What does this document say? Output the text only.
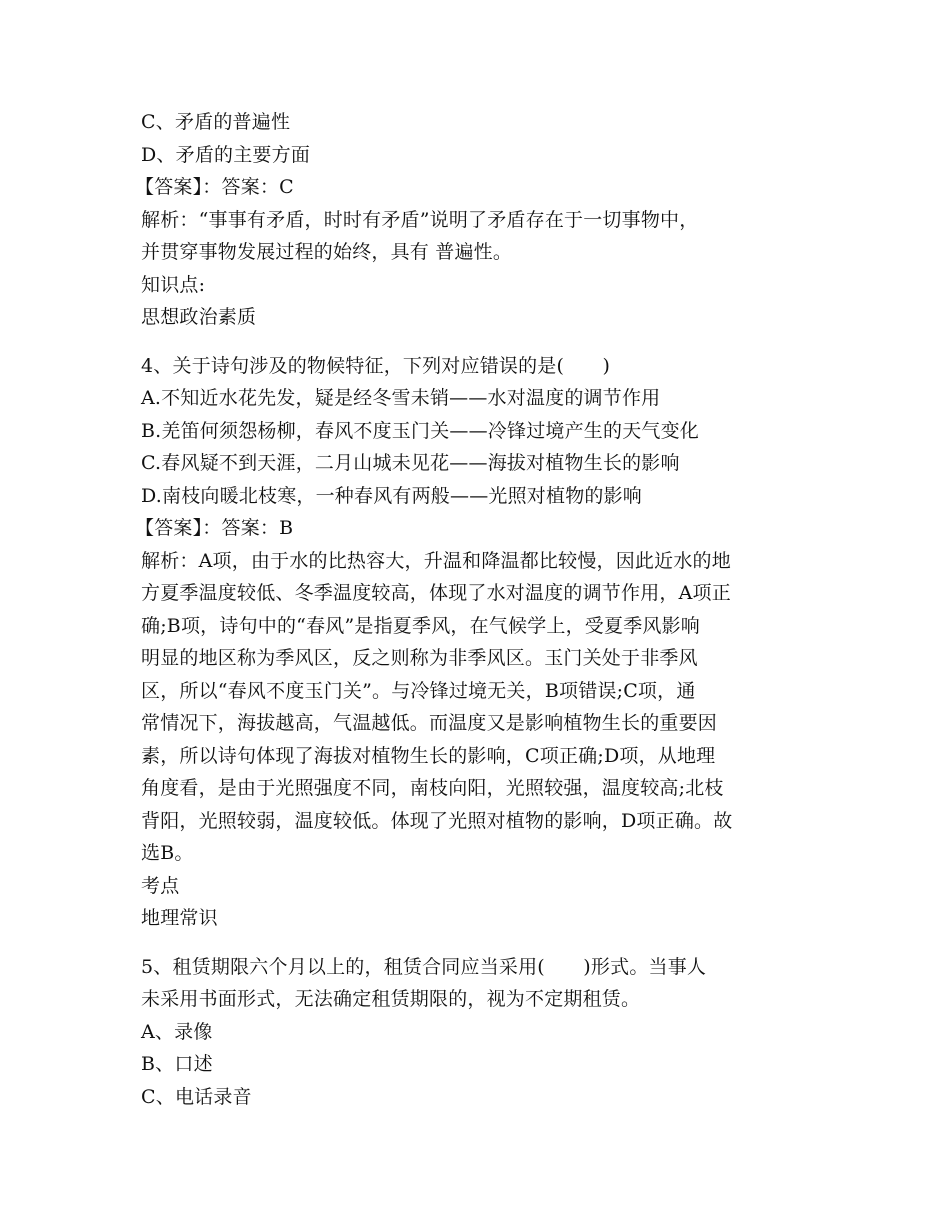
C、矛盾的普遍性
D、矛盾的主要方面
【答案】：答案：C
解析：“事事有矛盾，时时有矛盾”说明了矛盾存在于一切事物中，
并贯穿事物发展过程的始终，具有 普遍性。
知识点:
思想政治素质
4、关于诗句涉及的物候特征，下列对应错误的是(　　)
A.不知近水花先发，疑是经冬雪未销——水对温度的调节作用
B.羌笛何须怨杨柳，春风不度玉门关——冷锋过境产生的天气变化
C.春风疑不到天涯，二月山城未见花——海拔对植物生长的影响
D.南枝向暖北枝寒，一种春风有两般——光照对植物的影响
【答案】：答案：B
解析：A项，由于水的比热容大，升温和降温都比较慢，因此近水的地
方夏季温度较低、冬季温度较高，体现了水对温度的调节作用，A项正
确;B项，诗句中的“春风”是指夏季风，在气候学上，受夏季风影响
明显的地区称为季风区，反之则称为非季风区。玉门关处于非季风
区，所以“春风不度玉门关”。与冷锋过境无关，B项错误;C项，通
常情况下，海拔越高，气温越低。而温度又是影响植物生长的重要因
素，所以诗句体现了海拔对植物生长的影响，C项正确;D项，从地理
角度看，是由于光照强度不同，南枝向阳，光照较强，温度较高;北枝
背阳，光照较弱，温度较低。体现了光照对植物的影响，D项正确。故
选B。
考点
地理常识
5、租赁期限六个月以上的，租赁合同应当采用(　　)形式。当事人
未采用书面形式，无法确定租赁期限的，视为不定期租赁。
A、录像
B、口述
C、电话录音
